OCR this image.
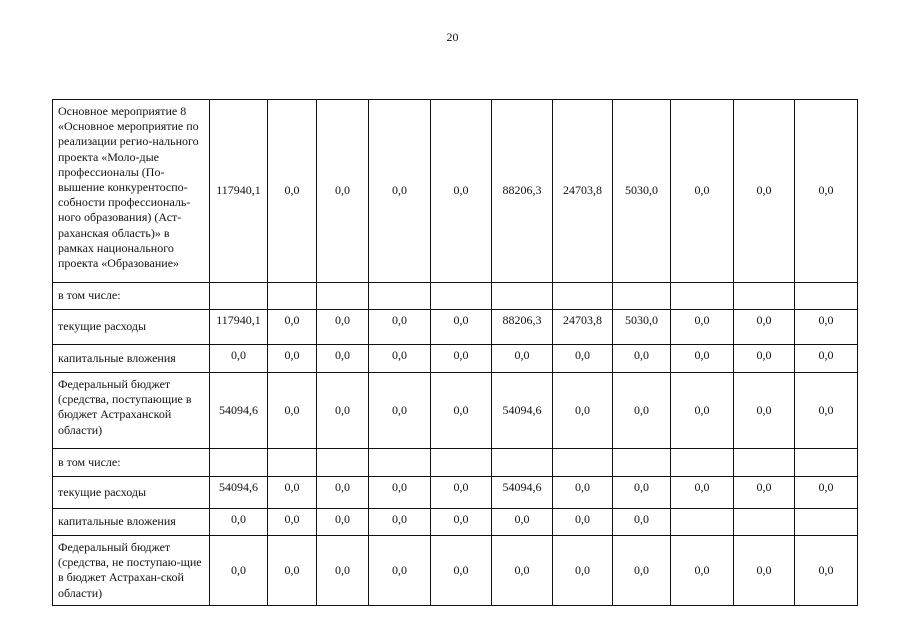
20
Основное мероприятие 8 «Основное мероприятие по реализации регио-нального проекта «Моло-дые профессионалы (По-вышение конкурентоспо-собности профессиональ-ного образования) (Аст-раханская область)» в рамках национального проекта «Образование»	117940,1	0,0	0,0	0,0	0,0	88206,3	24703,8	5030,0	0,0	0,0	0,0
в том числе:											
текущие расходы	117940,1	0,0	0,0	0,0	0,0	88206,3	24703,8	5030,0	0,0	0,0	0,0
капитальные вложения	0,0	0,0	0,0	0,0	0,0	0,0	0,0	0,0	0,0	0,0	0,0
Федеральный бюджет (средства, поступающие в бюджет Астраханской области)	54094,6	0,0	0,0	0,0	0,0	54094,6	0,0	0,0	0,0	0,0	0,0
в том числе:											
текущие расходы	54094,6	0,0	0,0	0,0	0,0	54094,6	0,0	0,0	0,0	0,0	0,0
капитальные вложения	0,0	0,0	0,0	0,0	0,0	0,0	0,0	0,0			
Федеральный бюджет (средства, не поступаю-щие в бюджет Астрахан-ской области)	0,0	0,0	0,0	0,0	0,0	0,0	0,0	0,0	0,0	0,0	0,0
